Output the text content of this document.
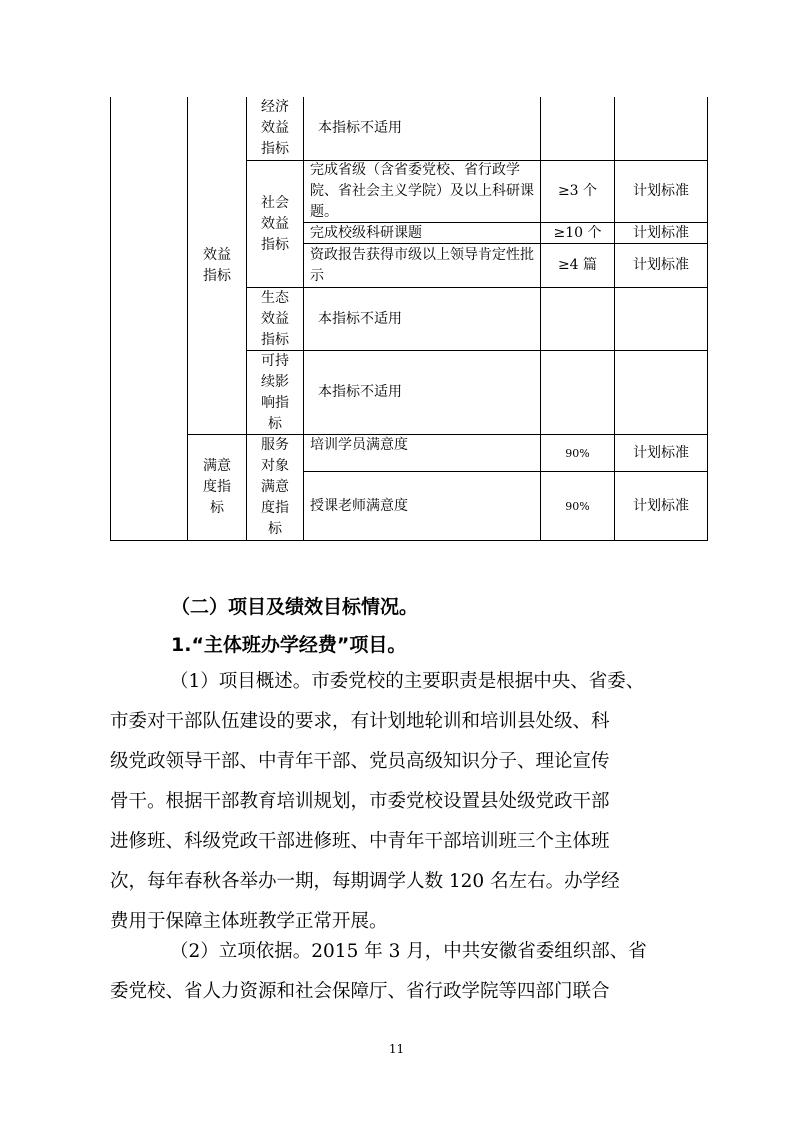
效益指标
满意度指标
经济效益指标
社会效益指标
生态效益指标
可持续影响指标
服务对象满意度指标
本指标不适用
完成省级（含省委党校、省行政学院、省社会主义学院）及以上科研课题。
完成校级科研课题
资政报告获得市级以上领导肯定性批示
本指标不适用
本指标不适用
培训学员满意度
授课老师满意度
≥3 个
≥10 个
≥4 篇
90%
90%
计划标准
计划标准
计划标准
计划标准
计划标准
（二）项目及绩效目标情况。
1.“主体班办学经费”项目。
（1）项目概述。市委党校的主要职责是根据中央、省委、
市委对干部队伍建设的要求，有计划地轮训和培训县处级、科
级党政领导干部、中青年干部、党员高级知识分子、理论宣传
骨干。根据干部教育培训规划，市委党校设置县处级党政干部
进修班、科级党政干部进修班、中青年干部培训班三个主体班
次，每年春秋各举办一期，每期调学人数 120 名左右。办学经
费用于保障主体班教学正常开展。
（2）立项依据。2015 年 3 月，中共安徽省委组织部、省
委党校、省人力资源和社会保障厅、省行政学院等四部门联合
11
